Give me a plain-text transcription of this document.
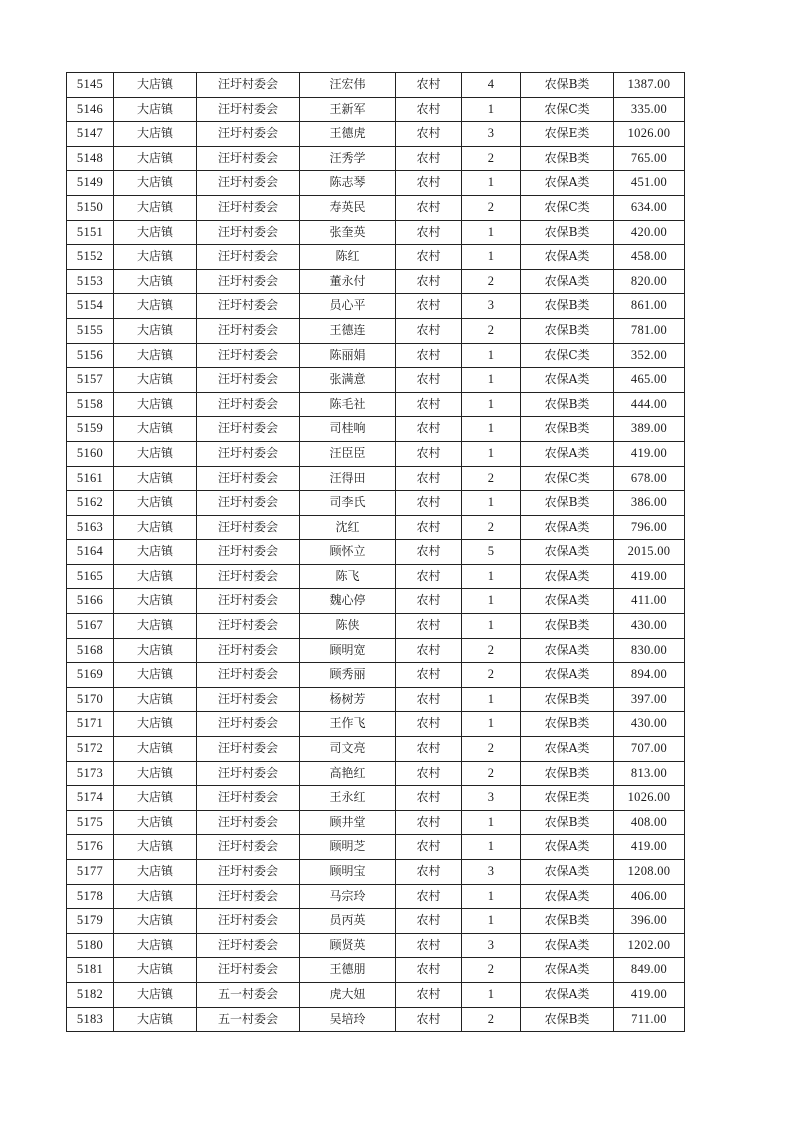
5145	大店镇	汪圩村委会	汪宏伟	农村	4	农保B类	1387.00
5146	大店镇	汪圩村委会	王新军	农村	1	农保C类	335.00
5147	大店镇	汪圩村委会	王德虎	农村	3	农保E类	1026.00
5148	大店镇	汪圩村委会	汪秀学	农村	2	农保B类	765.00
5149	大店镇	汪圩村委会	陈志琴	农村	1	农保A类	451.00
5150	大店镇	汪圩村委会	寿英民	农村	2	农保C类	634.00
5151	大店镇	汪圩村委会	张奎英	农村	1	农保B类	420.00
5152	大店镇	汪圩村委会	陈红	农村	1	农保A类	458.00
5153	大店镇	汪圩村委会	董永付	农村	2	农保A类	820.00
5154	大店镇	汪圩村委会	员心平	农村	3	农保B类	861.00
5155	大店镇	汪圩村委会	王德连	农村	2	农保B类	781.00
5156	大店镇	汪圩村委会	陈丽娟	农村	1	农保C类	352.00
5157	大店镇	汪圩村委会	张满意	农村	1	农保A类	465.00
5158	大店镇	汪圩村委会	陈毛社	农村	1	农保B类	444.00
5159	大店镇	汪圩村委会	司桂响	农村	1	农保B类	389.00
5160	大店镇	汪圩村委会	汪臣臣	农村	1	农保A类	419.00
5161	大店镇	汪圩村委会	汪得田	农村	2	农保C类	678.00
5162	大店镇	汪圩村委会	司李氏	农村	1	农保B类	386.00
5163	大店镇	汪圩村委会	沈红	农村	2	农保A类	796.00
5164	大店镇	汪圩村委会	顾怀立	农村	5	农保A类	2015.00
5165	大店镇	汪圩村委会	陈飞	农村	1	农保A类	419.00
5166	大店镇	汪圩村委会	魏心停	农村	1	农保A类	411.00
5167	大店镇	汪圩村委会	陈侠	农村	1	农保B类	430.00
5168	大店镇	汪圩村委会	顾明宽	农村	2	农保A类	830.00
5169	大店镇	汪圩村委会	顾秀丽	农村	2	农保A类	894.00
5170	大店镇	汪圩村委会	杨树芳	农村	1	农保B类	397.00
5171	大店镇	汪圩村委会	王作飞	农村	1	农保B类	430.00
5172	大店镇	汪圩村委会	司文亮	农村	2	农保A类	707.00
5173	大店镇	汪圩村委会	高艳红	农村	2	农保B类	813.00
5174	大店镇	汪圩村委会	王永红	农村	3	农保E类	1026.00
5175	大店镇	汪圩村委会	顾井堂	农村	1	农保B类	408.00
5176	大店镇	汪圩村委会	顾明芝	农村	1	农保A类	419.00
5177	大店镇	汪圩村委会	顾明宝	农村	3	农保A类	1208.00
5178	大店镇	汪圩村委会	马宗玲	农村	1	农保A类	406.00
5179	大店镇	汪圩村委会	员丙英	农村	1	农保B类	396.00
5180	大店镇	汪圩村委会	顾贤英	农村	3	农保A类	1202.00
5181	大店镇	汪圩村委会	王德朋	农村	2	农保A类	849.00
5182	大店镇	五一村委会	虎大妞	农村	1	农保A类	419.00
5183	大店镇	五一村委会	吴培玲	农村	2	农保B类	711.00
